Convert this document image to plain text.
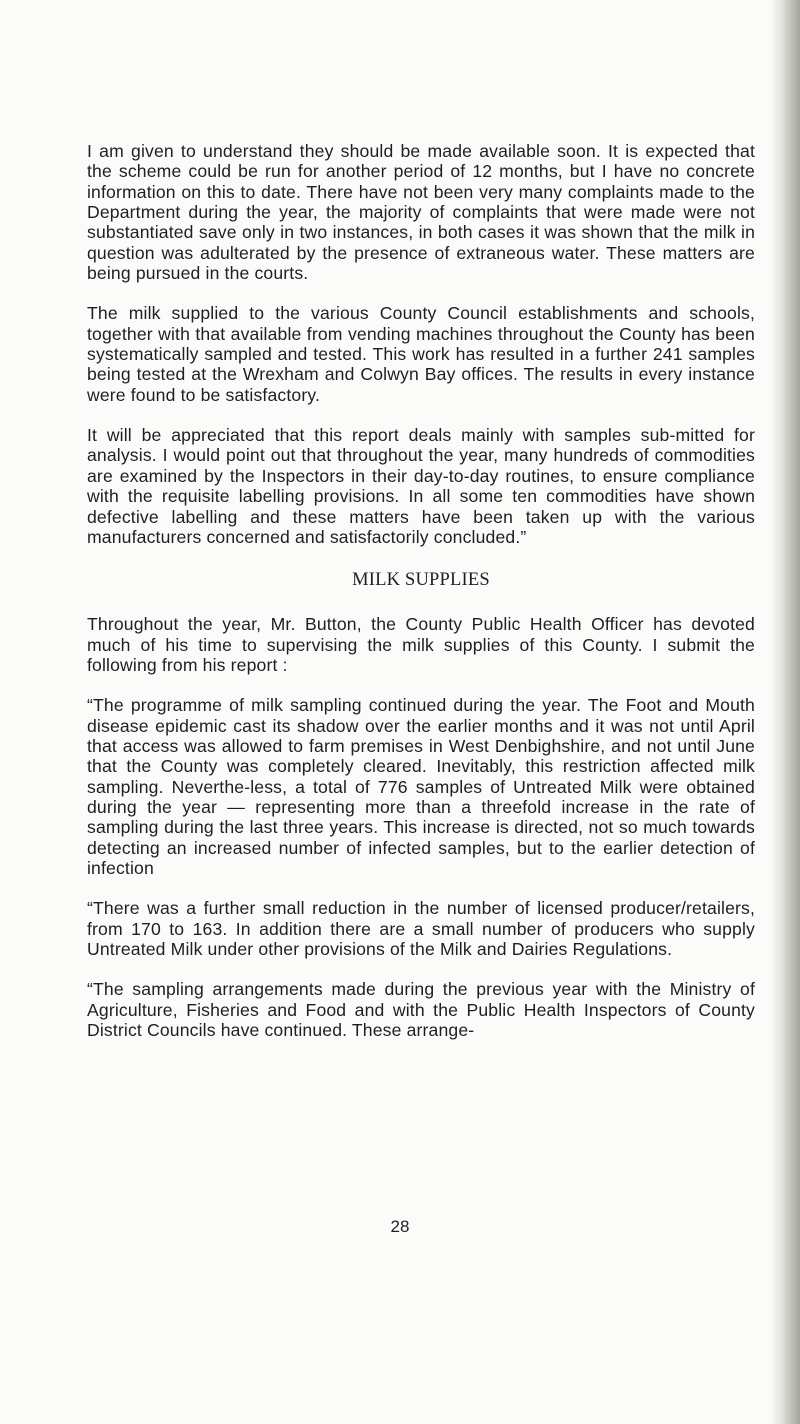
I am given to understand they should be made available soon. It is expected that the scheme could be run for another period of 12 months, but I have no concrete information on this to date. There have not been very many complaints made to the Department during the year, the majority of complaints that were made were not substantiated save only in two instances, in both cases it was shown that the milk in question was adulterated by the presence of extraneous water. These matters are being pursued in the courts.

The milk supplied to the various County Council establishments and schools, together with that available from vending machines throughout the County has been systematically sampled and tested. This work has resulted in a further 241 samples being tested at the Wrexham and Colwyn Bay offices. The results in every instance were found to be satisfactory.

It will be appreciated that this report deals mainly with samples sub-mitted for analysis. I would point out that throughout the year, many hundreds of commodities are examined by the Inspectors in their day-to-day routines, to ensure compliance with the requisite labelling provisions. In all some ten commodities have shown defective labelling and these matters have been taken up with the various manufacturers concerned and satisfactorily concluded.”

MILK SUPPLIES

Throughout the year, Mr. Button, the County Public Health Officer has devoted much of his time to supervising the milk supplies of this County. I submit the following from his report :

“The programme of milk sampling continued during the year. The Foot and Mouth disease epidemic cast its shadow over the earlier months and it was not until April that access was allowed to farm premises in West Denbighshire, and not until June that the County was completely cleared. Inevitably, this restriction affected milk sampling. Neverthe-less, a total of 776 samples of Untreated Milk were obtained during the year — representing more than a threefold increase in the rate of sampling during the last three years. This increase is directed, not so much towards detecting an increased number of infected samples, but to the earlier detection of infection

“There was a further small reduction in the number of licensed producer/retailers, from 170 to 163. In addition there are a small number of producers who supply Untreated Milk under other provisions of the Milk and Dairies Regulations.

“The sampling arrangements made during the previous year with the Ministry of Agriculture, Fisheries and Food and with the Public Health Inspectors of County District Councils have continued. These arrange-

28
